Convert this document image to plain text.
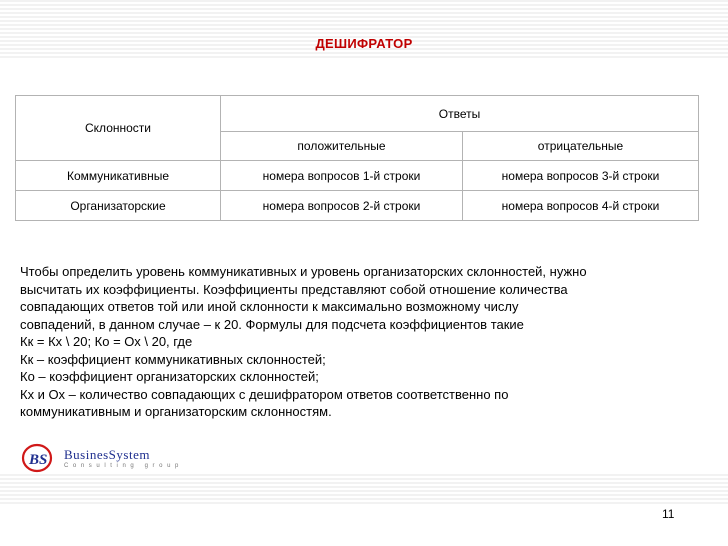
ДЕШИФРАТОР
Склонности	Ответы	
	положительные	отрицательные
Коммуникативные	номера вопросов 1-й строки	номера вопросов 3-й строки
Организаторские	номера вопросов 2-й строки	номера вопросов 4-й строки
Чтобы определить уровень коммуникативных и уровень организаторских склонностей, нужно
высчитать их коэффициенты. Коэффициенты представляют собой отношение количества
совпадающих ответов той или иной склонности к максимально возможному числу
совпадений, в данном случае – к 20. Формулы для подсчета коэффициентов такие
Кк = Кх \ 20; Ко = Ох \ 20, где
Кк – коэффициент коммуникативных склонностей;
Ко – коэффициент организаторских склонностей;
Кх и Ох – количество совпадающих с дешифратором ответов соответственно по
коммуникативным и организаторским склонностям.
BS BusinesSystem
Consulting group
11
